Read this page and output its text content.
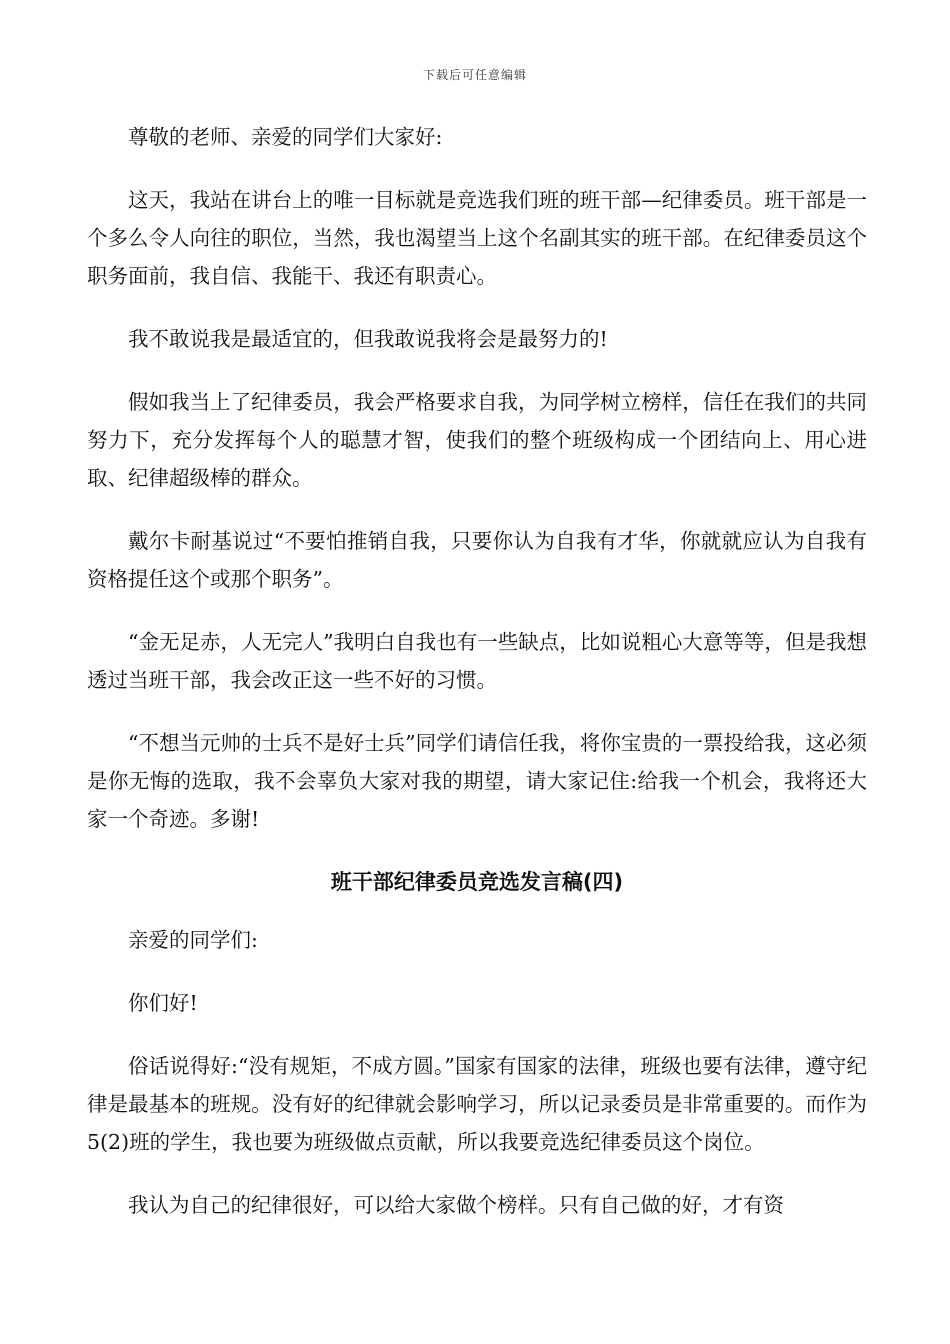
下载后可任意编辑

尊敬的老师、亲爱的同学们大家好:

这天，我站在讲台上的唯一目标就是竞选我们班的班干部—纪律委员。班干部是一个多么令人向往的职位，当然，我也渴望当上这个名副其实的班干部。在纪律委员这个职务面前，我自信、我能干、我还有职责心。

我不敢说我是最适宜的，但我敢说我将会是最努力的!

假如我当上了纪律委员，我会严格要求自我，为同学树立榜样，信任在我们的共同努力下，充分发挥每个人的聪慧才智，使我们的整个班级构成一个团结向上、用心进取、纪律超级棒的群众。

戴尔卡耐基说过“不要怕推销自我，只要你认为自我有才华，你就就应认为自我有资格提任这个或那个职务”。

“金无足赤，人无完人”我明白自我也有一些缺点，比如说粗心大意等等，但是我想透过当班干部，我会改正这一些不好的习惯。

“不想当元帅的士兵不是好士兵”同学们请信任我，将你宝贵的一票投给我，这必须是你无悔的选取，我不会辜负大家对我的期望，请大家记住:给我一个机会，我将还大家一个奇迹。多谢!

班干部纪律委员竞选发言稿(四)

亲爱的同学们:

你们好!

俗话说得好:“没有规矩，不成方圆。”国家有国家的法律，班级也要有法律，遵守纪律是最基本的班规。没有好的纪律就会影响学习，所以记录委员是非常重要的。而作为5(2)班的学生，我也要为班级做点贡献，所以我要竞选纪律委员这个岗位。

我认为自己的纪律很好，可以给大家做个榜样。只有自己做的好，才有资
